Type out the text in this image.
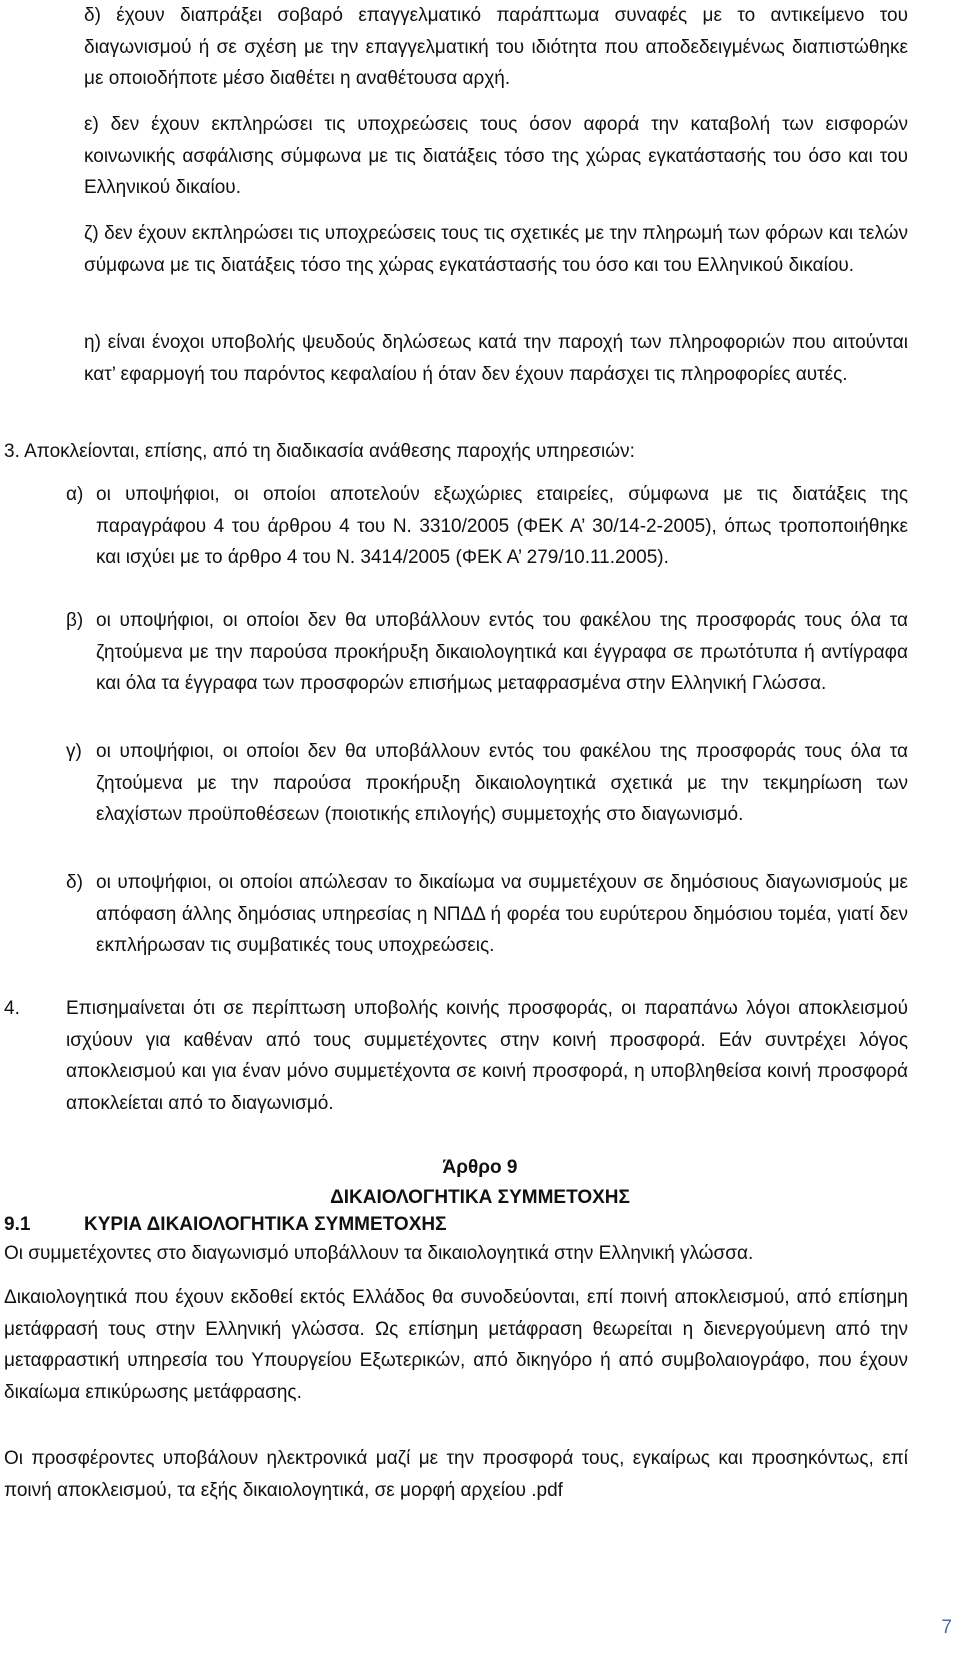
δ) έχουν διαπράξει σοβαρό επαγγελματικό παράπτωμα συναφές με το αντικείμενο του διαγωνισμού ή σε σχέση με την επαγγελματική του ιδιότητα που αποδεδειγμένως διαπιστώθηκε με οποιοδήποτε μέσο διαθέτει η αναθέτουσα αρχή.

ε) δεν έχουν εκπληρώσει τις υποχρεώσεις τους όσον αφορά την καταβολή των εισφορών κοινωνικής ασφάλισης σύμφωνα με τις διατάξεις τόσο της χώρας εγκατάστασής του όσο και του Ελληνικού δικαίου.

ζ) δεν έχουν εκπληρώσει τις υποχρεώσεις τους τις σχετικές με την πληρωμή των φόρων και τελών σύμφωνα με τις διατάξεις τόσο της χώρας εγκατάστασής του όσο και του Ελληνικού δικαίου.

η) είναι ένοχοι υποβολής ψευδούς δηλώσεως κατά την παροχή των πληροφοριών που αιτούνται κατ’ εφαρμογή του παρόντος κεφαλαίου ή όταν δεν έχουν παράσχει τις πληροφορίες αυτές.

3. Αποκλείονται, επίσης, από τη διαδικασία ανάθεσης παροχής υπηρεσιών:

α) οι υποψήφιοι, οι οποίοι αποτελούν εξωχώριες εταιρείες, σύμφωνα με τις διατάξεις της παραγράφου 4 του άρθρου 4 του Ν. 3310/2005 (ΦΕΚ Α’ 30/14-2-2005), όπως τροποποιήθηκε και ισχύει με το άρθρο 4 του Ν. 3414/2005 (ΦΕΚ Α’ 279/10.11.2005).

β) οι υποψήφιοι, οι οποίοι δεν θα υποβάλλουν εντός του φακέλου της προσφοράς τους όλα τα ζητούμενα με την παρούσα προκήρυξη δικαιολογητικά και έγγραφα σε πρωτότυπα ή αντίγραφα και όλα τα έγγραφα των προσφορών επισήμως μεταφρασμένα στην Ελληνική Γλώσσα.

γ) οι υποψήφιοι, οι οποίοι δεν θα υποβάλλουν εντός του φακέλου της προσφοράς τους όλα τα ζητούμενα με την παρούσα προκήρυξη δικαιολογητικά σχετικά με την τεκμηρίωση των ελαχίστων προϋποθέσεων (ποιοτικής επιλογής) συμμετοχής στο διαγωνισμό.

δ) οι υποψήφιοι, οι οποίοι απώλεσαν το δικαίωμα να συμμετέχουν σε δημόσιους διαγωνισμούς με απόφαση άλλης δημόσιας υπηρεσίας η ΝΠΔΔ ή φορέα του ευρύτερου δημόσιου τομέα, γιατί δεν εκπλήρωσαν τις συμβατικές τους υποχρεώσεις.

4. Επισημαίνεται ότι σε περίπτωση υποβολής κοινής προσφοράς, οι παραπάνω λόγοι αποκλεισμού ισχύουν για καθέναν από τους συμμετέχοντες στην κοινή προσφορά. Εάν συντρέχει λόγος αποκλεισμού και για έναν μόνο συμμετέχοντα σε κοινή προσφορά, η υποβληθείσα κοινή προσφορά αποκλείεται από το διαγωνισμό.

Άρθρο 9

ΔΙΚΑΙΟΛΟΓΗΤΙΚΑ ΣΥΜΜΕΤΟΧΗΣ

9.1	ΚΥΡΙΑ ΔΙΚΑΙΟΛΟΓΗΤΙΚΑ ΣΥΜΜΕΤΟΧΗΣ

Οι συμμετέχοντες στο διαγωνισμό υποβάλλουν τα δικαιολογητικά στην Ελληνική γλώσσα.

Δικαιολογητικά που έχουν εκδοθεί εκτός Ελλάδος θα συνοδεύονται, επί ποινή αποκλεισμού, από επίσημη μετάφρασή τους στην Ελληνική γλώσσα. Ως επίσημη μετάφραση θεωρείται η διενεργούμενη από την μεταφραστική υπηρεσία του Υπουργείου Εξωτερικών, από δικηγόρο ή από συμβολαιογράφο, που έχουν δικαίωμα επικύρωσης μετάφρασης.

Οι προσφέροντες υποβάλουν ηλεκτρονικά μαζί με την προσφορά τους, εγκαίρως και προσηκόντως, επί ποινή αποκλεισμού, τα εξής δικαιολογητικά, σε μορφή αρχείου .pdf

7
